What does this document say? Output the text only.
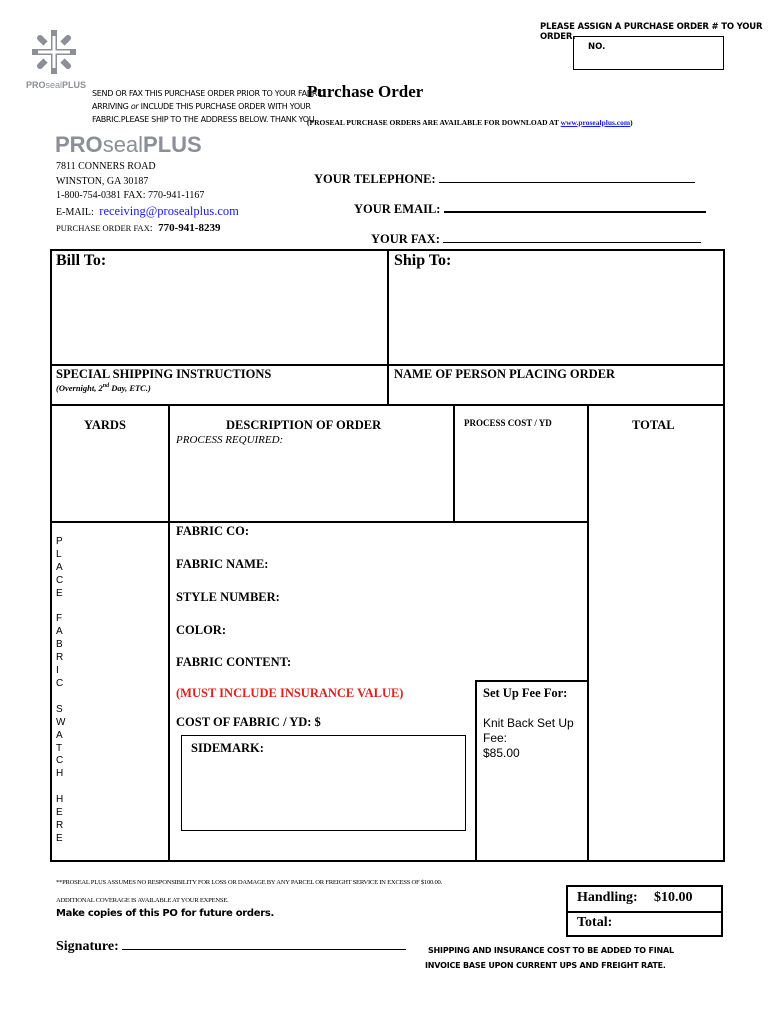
PLEASE ASSIGN A PURCHASE ORDER # TO YOUR ORDER.
NO.
PROsealPLUS
SEND OR FAX THIS PURCHASE ORDER PRIOR TO YOUR FABRIC
ARRIVING or INCLUDE THIS PURCHASE ORDER WITH YOUR
FABRIC.PLEASE SHIP TO THE ADDRESS BELOW. THANK YOU.
Purchase Order
(PROSEAL PURCHASE ORDERS ARE AVAILABLE FOR DOWNLOAD AT www.prosealplus.com)
PROsealPLUS
7811 CONNERS ROAD
WINSTON, GA 30187
1-800-754-0381 FAX: 770-941-1167
E-MAIL: receiving@prosealplus.com
PURCHASE ORDER FAX: 770-941-8239
YOUR TELEPHONE:
YOUR EMAIL:
YOUR FAX:
Bill To:	Ship To:
SPECIAL SHIPPING INSTRUCTIONS
(Overnight, 2nd Day, ETC.)
NAME OF PERSON PLACING ORDER
YARDS	DESCRIPTION OF ORDER
PROCESS REQUIRED:
PROCESS COST / YD	TOTAL
P
L
A
C
E

F
A
B
R
I
C

S
W
A
T
C
H

H
E
R
E
FABRIC CO:
FABRIC NAME:
STYLE NUMBER:
COLOR:
FABRIC CONTENT:
(MUST INCLUDE INSURANCE VALUE)
COST OF FABRIC / YD: $
Set Up Fee For:
Knit Back Set Up
Fee:
$85.00
SIDEMARK:
**PROSEAL PLUS ASSUMES NO RESPONSIBILITY FOR LOSS OR DAMAGE BY ANY PARCEL OR FREIGHT SERVICE IN EXCESS OF $100.00.
ADDITIONAL COVERAGE IS AVAILABLE AT YOUR EXPENSE.
Make copies of this PO for future orders.
Handling: $10.00
Total:
Signature:	SHIPPING AND INSURANCE COST TO BE ADDED TO FINAL
INVOICE BASE UPON CURRENT UPS AND FREIGHT RATE.
